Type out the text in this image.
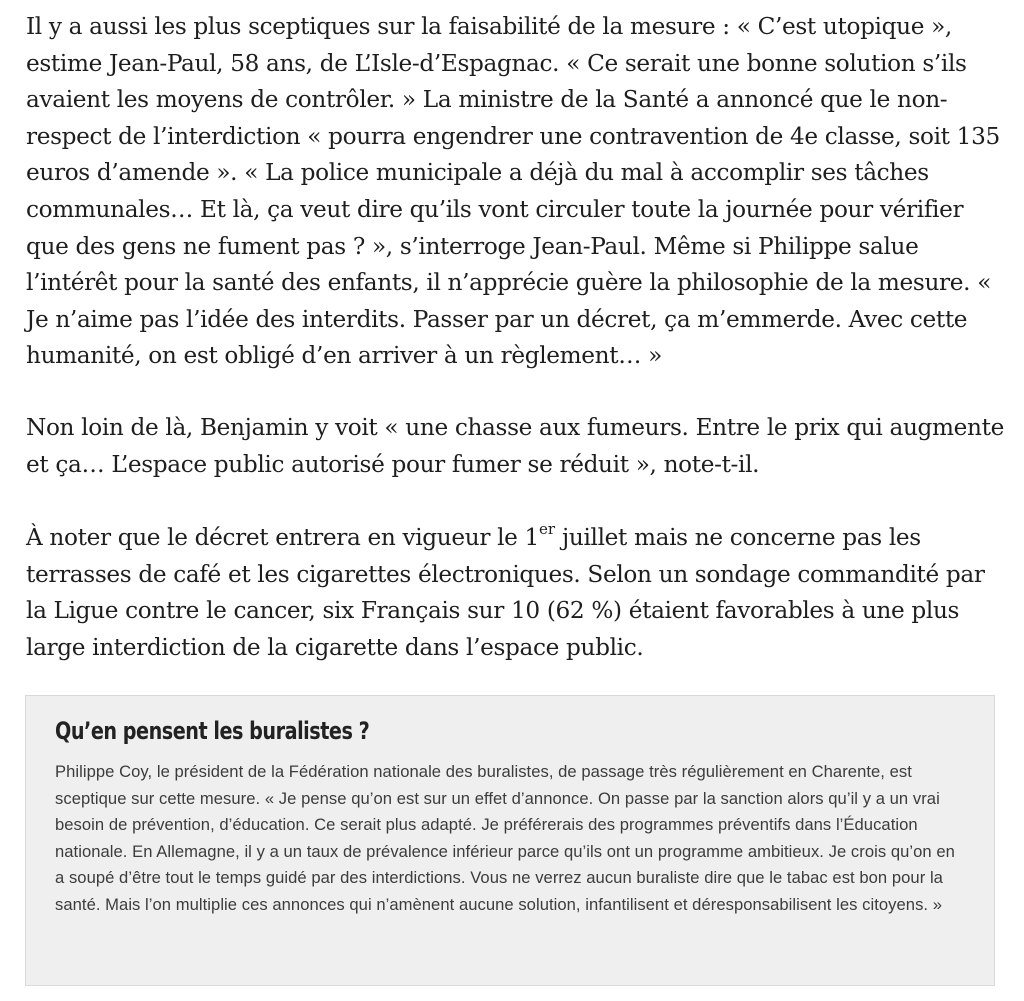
Il y a aussi les plus sceptiques sur la faisabilité de la mesure : « C’est utopique », estime Jean-Paul, 58 ans, de L’Isle-d’Espagnac. « Ce serait une bonne solution s’ils avaient les moyens de contrôler. » La ministre de la Santé a annoncé que le non-respect de l’interdiction « pourra engendrer une contravention de 4e classe, soit 135 euros d’amende ». « La police municipale a déjà du mal à accomplir ses tâches communales… Et là, ça veut dire qu’ils vont circuler toute la journée pour vérifier que des gens ne fument pas ? », s’interroge Jean-Paul. Même si Philippe salue l’intérêt pour la santé des enfants, il n’apprécie guère la philosophie de la mesure. « Je n’aime pas l’idée des interdits. Passer par un décret, ça m’emmerde. Avec cette humanité, on est obligé d’en arriver à un règlement… »

Non loin de là, Benjamin y voit « une chasse aux fumeurs. Entre le prix qui augmente et ça… L’espace public autorisé pour fumer se réduit », note-t-il.

À noter que le décret entrera en vigueur le 1er juillet mais ne concerne pas les terrasses de café et les cigarettes électroniques. Selon un sondage commandité par la Ligue contre le cancer, six Français sur 10 (62 %) étaient favorables à une plus large interdiction de la cigarette dans l’espace public.

Qu’en pensent les buralistes ?

Philippe Coy, le président de la Fédération nationale des buralistes, de passage très régulièrement en Charente, est sceptique sur cette mesure. « Je pense qu’on est sur un effet d’annonce. On passe par la sanction alors qu’il y a un vrai besoin de prévention, d’éducation. Ce serait plus adapté. Je préférerais des programmes préventifs dans l’Éducation nationale. En Allemagne, il y a un taux de prévalence inférieur parce qu’ils ont un programme ambitieux. Je crois qu’on en a soupé d’être tout le temps guidé par des interdictions. Vous ne verrez aucun buraliste dire que le tabac est bon pour la santé. Mais l’on multiplie ces annonces qui n’amènent aucune solution, infantilisent et déresponsabilisent les citoyens. »
